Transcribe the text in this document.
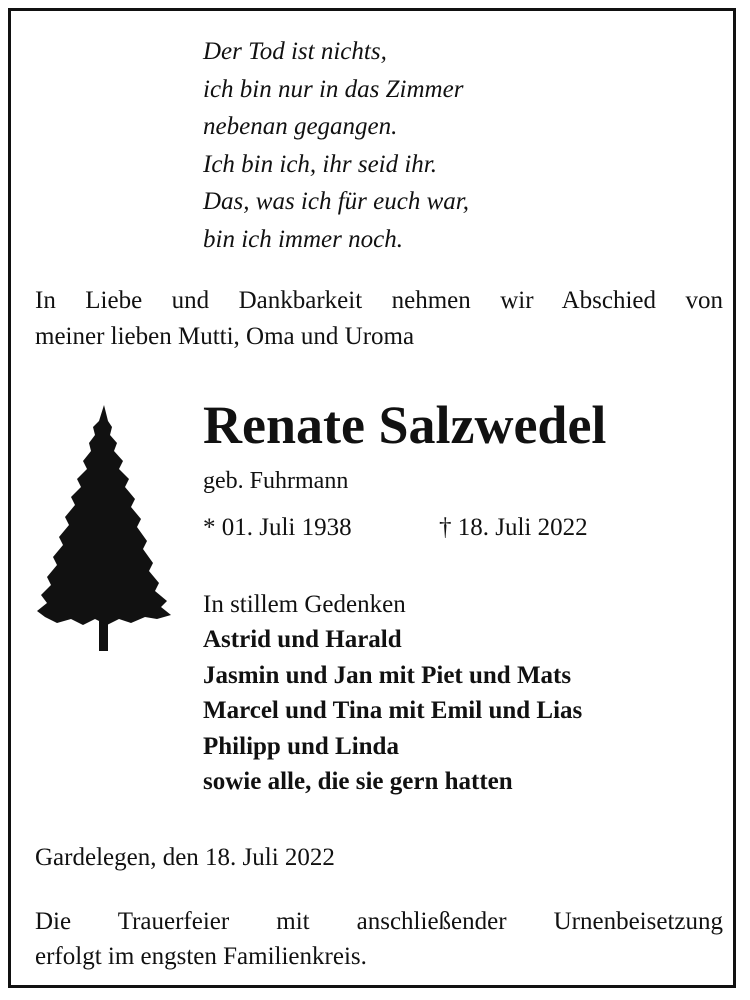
Der Tod ist nichts,
ich bin nur in das Zimmer
nebenan gegangen.
Ich bin ich, ihr seid ihr.
Das, was ich für euch war,
bin ich immer noch.
In Liebe und Dankbarkeit nehmen wir Abschied von
meiner lieben Mutti, Oma und Uroma
Renate Salzwedel
geb. Fuhrmann
* 01. Juli 1938	† 18. Juli 2022
In stillem Gedenken
Astrid und Harald
Jasmin und Jan mit Piet und Mats
Marcel und Tina mit Emil und Lias
Philipp und Linda
sowie alle, die sie gern hatten
Gardelegen, den 18. Juli 2022
Die Trauerfeier mit anschließender Urnenbeisetzung
erfolgt im engsten Familienkreis.
